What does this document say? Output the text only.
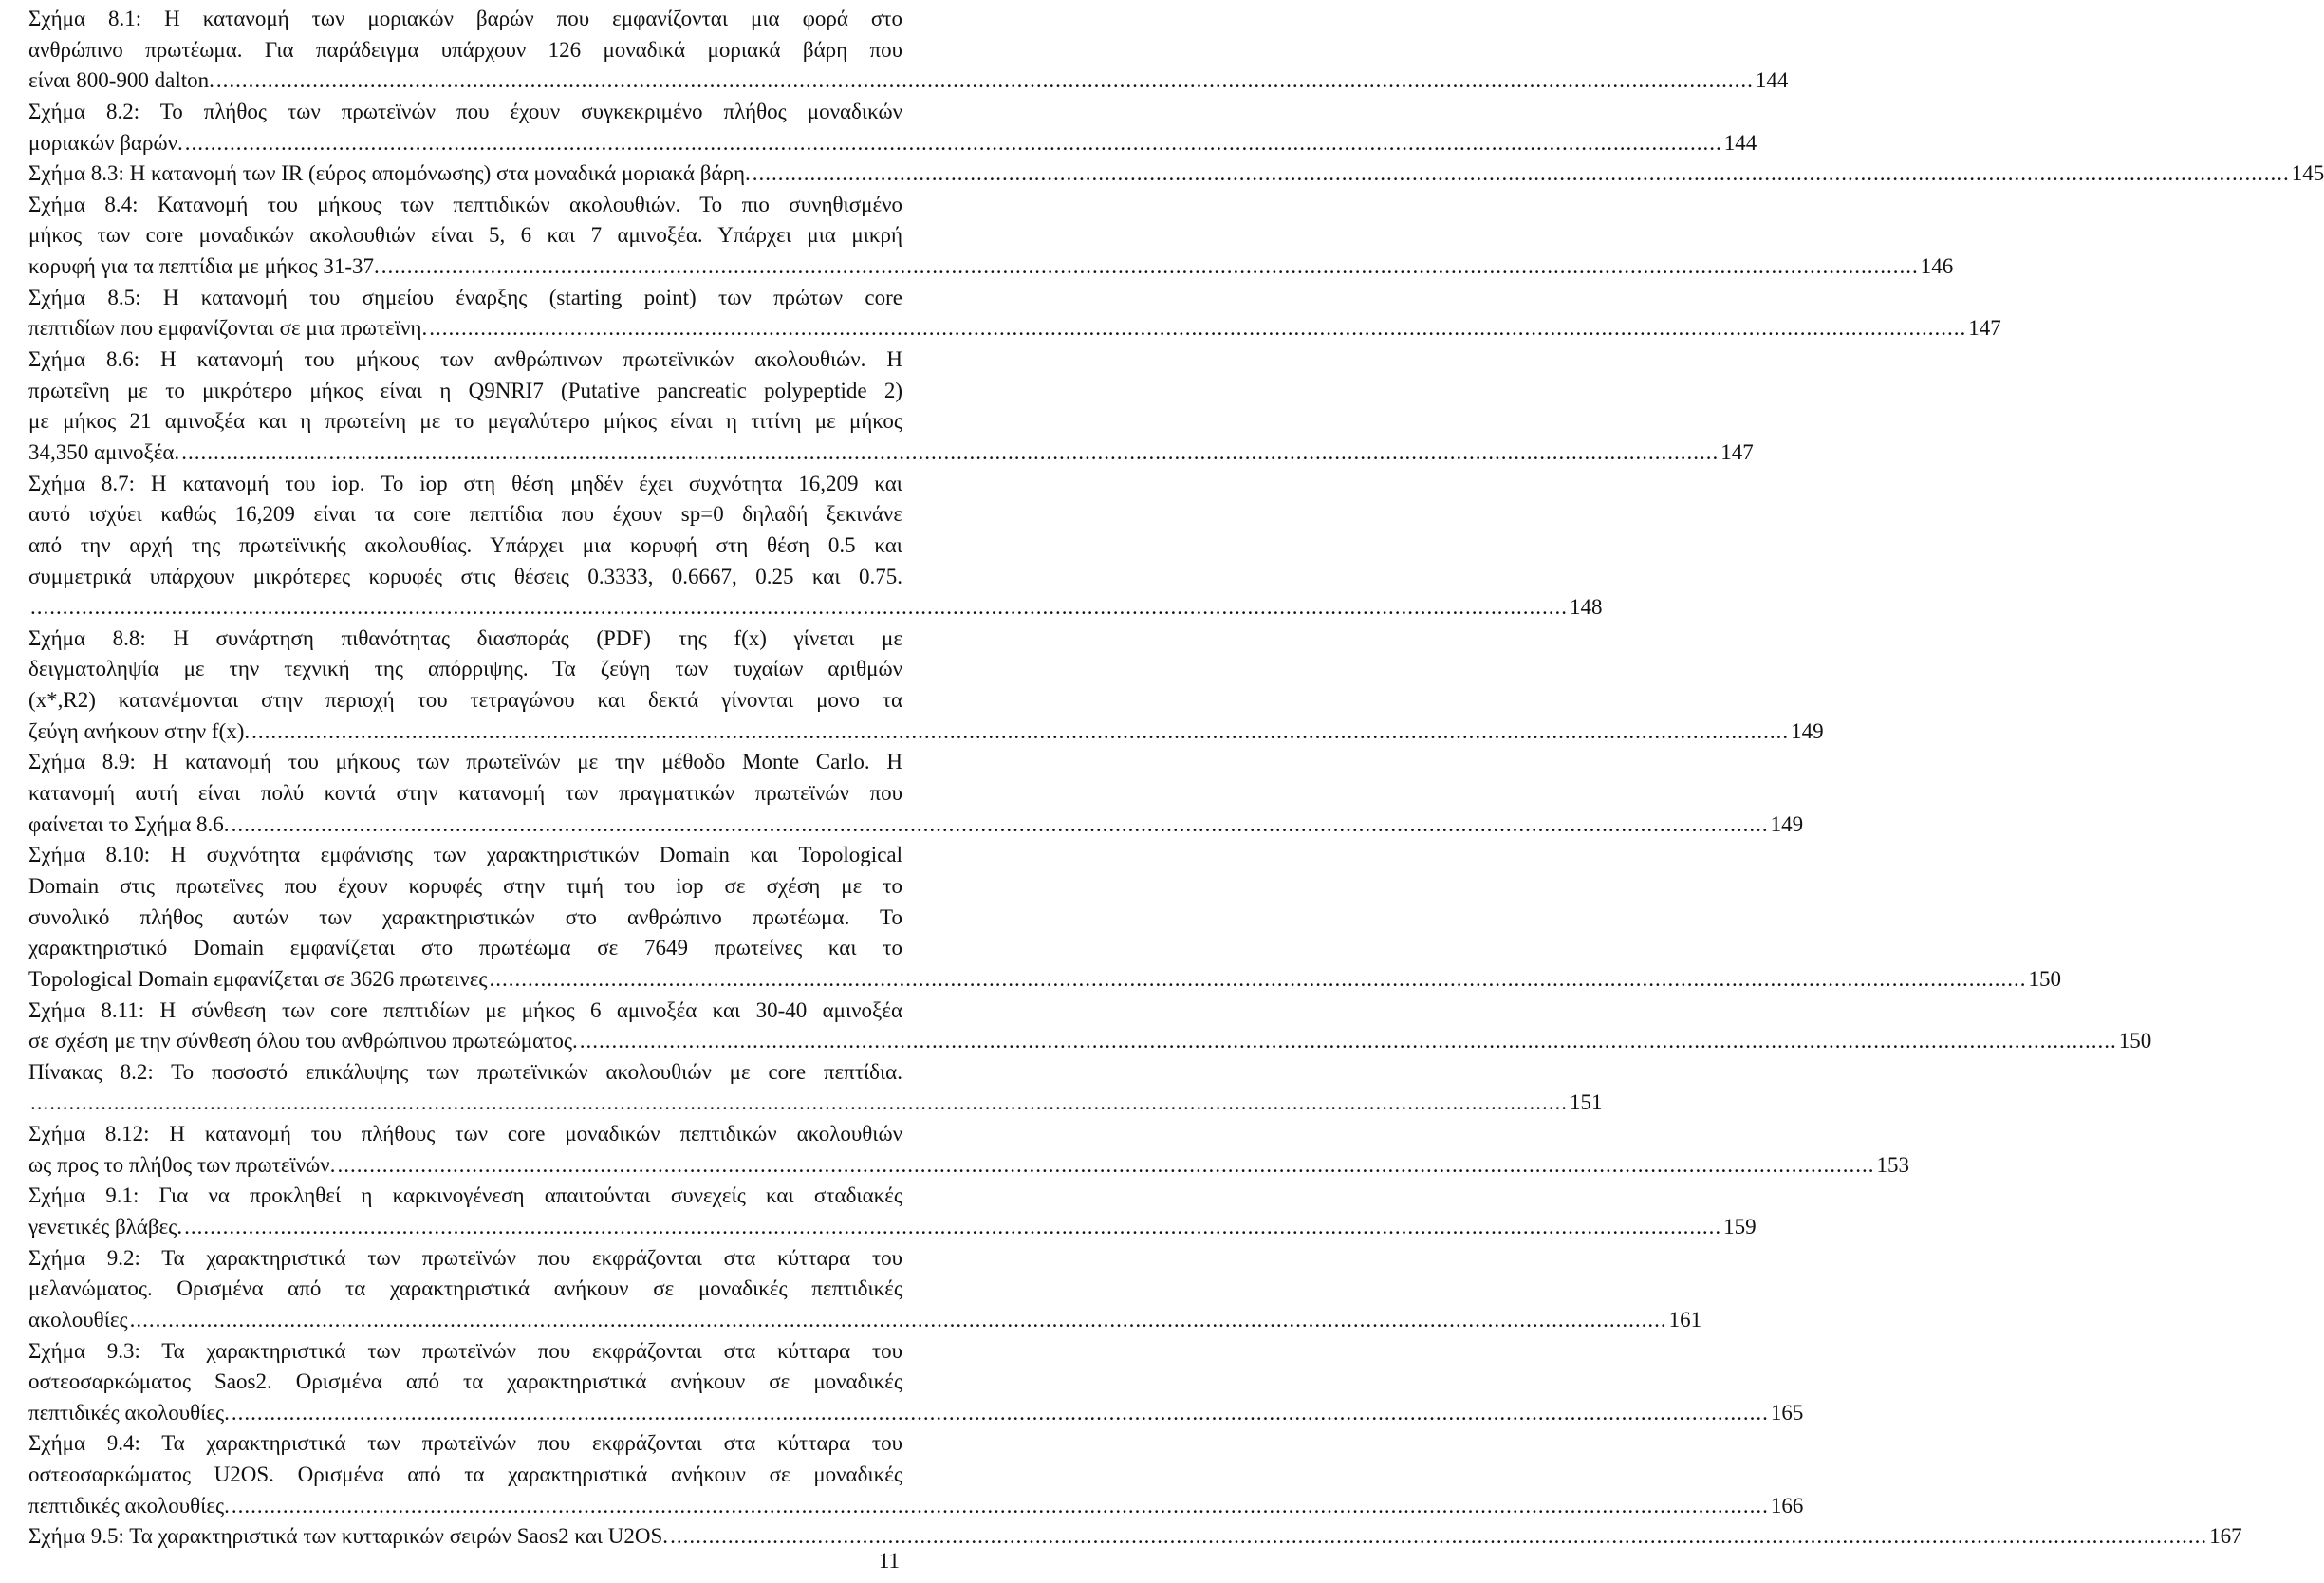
Σχήμα 8.1: Η κατανομή των μοριακών βαρών που εμφανίζονται μια φορά στο
ανθρώπινο πρωτέωμα. Για παράδειγμα υπάρχουν 126 μοναδικά μοριακά βάρη που
είναι 800-900 dalton. .....	144
Σχήμα 8.2: Το πλήθος των πρωτεϊνών που έχουν συγκεκριμένο πλήθος μοναδικών
μοριακών βαρών. .....	144
Σχήμα 8.3: Η κατανομή των IR (εύρος απομόνωσης) στα μοναδικά μοριακά βάρη. .....	145
Σχήμα 8.4: Κατανομή του μήκους των πεπτιδικών ακολουθιών. Το πιο συνηθισμένο
μήκος των core μοναδικών ακολουθιών είναι 5, 6 και 7 αμινοξέα. Υπάρχει μια μικρή
κορυφή για τα πεπτίδια με μήκος 31-37. .....	146
Σχήμα 8.5: Η κατανομή του σημείου έναρξης (starting point) των πρώτων core
πεπτιδίων που εμφανίζονται σε μια πρωτεϊνη. .....	147
Σχήμα 8.6: Η κατανομή του μήκους των ανθρώπινων πρωτεϊνικών ακολουθιών. Η
πρωτεΐνη με το μικρότερο μήκος είναι η Q9NRI7 (Putative pancreatic polypeptide 2)
με μήκος 21 αμινοξέα και η πρωτείνη με το μεγαλύτερο μήκος είναι η τιτίνη με μήκος
34,350 αμινοξέα. .....	147
Σχήμα 8.7: Η κατανομή του iop. Το iop στη θέση μηδέν έχει συχνότητα 16,209 και
αυτό ισχύει καθώς 16,209 είναι τα core πεπτίδια που έχουν sp=0 δηλαδή ξεκινάνε
από την αρχή της πρωτεϊνικής ακολουθίας. Υπάρχει μια κορυφή στη θέση 0.5 και
συμμετρικά υπάρχουν μικρότερες κορυφές στις θέσεις 0.3333, 0.6667, 0.25 και 0.75.
.....
148
Σχήμα 8.8: Η συνάρτηση πιθανότητας διασποράς (PDF) της f(x) γίνεται με
δειγματοληψία με την τεχνική της απόρριψης. Τα ζεύγη των τυχαίων αριθμών
(x*,R2) κατανέμονται στην περιοχή του τετραγώνου και δεκτά γίνονται μονο τα
ζεύγη ανήκουν στην f(x). .....	149
Σχήμα 8.9: Η κατανομή του μήκους των πρωτεϊνών με την μέθοδο Monte Carlo. Η
κατανομή αυτή είναι πολύ κοντά στην κατανομή των πραγματικών πρωτεϊνών που
φαίνεται το Σχήμα 8.6. .....	149
Σχήμα 8.10: Η συχνότητα εμφάνισης των χαρακτηριστικών Domain και Topological
Domain στις πρωτεϊνες που έχουν κορυφές στην τιμή του iop σε σχέση με το
συνολικό πλήθος αυτών των χαρακτηριστικών στο ανθρώπινο πρωτέωμα. Το
χαρακτηριστικό Domain εμφανίζεται στο πρωτέωμα σε 7649 πρωτείνες και το
Topological Domain εμφανίζεται σε 3626 πρωτεινες .....	150
Σχήμα 8.11: Η σύνθεση των core πεπτιδίων με μήκος 6 αμινοξέα και 30-40 αμινοξέα
σε σχέση με την σύνθεση όλου του ανθρώπινου πρωτεώματος. .....	150
Πίνακας 8.2: Το ποσοστό επικάλυψης των πρωτεϊνικών ακολουθιών με core πεπτίδια.
.....
151
Σχήμα 8.12: Η κατανομή του πλήθους των core μοναδικών πεπτιδικών ακολουθιών
ως προς το πλήθος των πρωτεϊνών. .....	153
Σχήμα 9.1: Για να προκληθεί η καρκινογένεση απαιτούνται συνεχείς και σταδιακές
γενετικές βλάβες. .....	159
Σχήμα 9.2: Τα χαρακτηριστικά των πρωτεϊνών που εκφράζονται στα κύτταρα του
μελανώματος. Ορισμένα από τα χαρακτηριστικά ανήκουν σε μοναδικές πεπτιδικές
ακολουθίες .....	161
Σχήμα 9.3: Τα χαρακτηριστικά των πρωτεϊνών που εκφράζονται στα κύτταρα του
οστεοσαρκώματος Saos2. Ορισμένα από τα χαρακτηριστικά ανήκουν σε μοναδικές
πεπτιδικές ακολουθίες. .....	165
Σχήμα 9.4: Τα χαρακτηριστικά των πρωτεϊνών που εκφράζονται στα κύτταρα του
οστεοσαρκώματος U2OS. Ορισμένα από τα χαρακτηριστικά ανήκουν σε μοναδικές
πεπτιδικές ακολουθίες. .....	166
Σχήμα 9.5: Τα χαρακτηριστικά των κυτταρικών σειρών Saos2 και U2OS. .....	167
11
